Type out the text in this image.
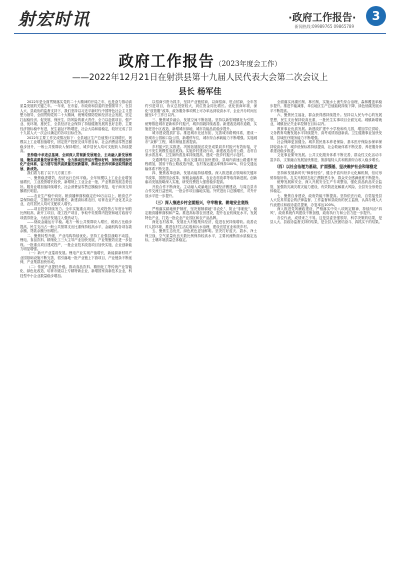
射宏时讯	·政府工作报告·	3
新闻热线:09989765 09865789
政府工作报告（2023年度会工作）
——2022年12月21日在射洪县第十九届人民代表大会第二次会议上
县长 杨军佳

2022年是全面贯彻落实党的二十大精神的开局之年，也是奋力推动高质量发展的关键之年。一年来，在市委、市政府和县委的坚强领导下，在县人大、县政协的监督支持下，我们坚持以习近平新时代中国特色社会主义思想为指导，全面贯彻党的二十大精神，统筹疫情防控和经济社会发展，坚定扛起稳经济、促发展、保民生、防风险的重大责任，全力以赴抓项目、强产业、优环境、惠民生，全县经济社会保持了持续健康发展的良好态势，主要经济指标稳中有进，民生福祉不断增进，社会大局和谐稳定，较好完成了县十九届人大一次会议确定的各项目标任务。

2022年主要工作完成情况如下：全县地区生产总值预计实现增长，规模以上工业增加值增长，固定资产投资完成年度目标，社会消费品零售总额稳步回升，一般公共预算收入保持增长，城乡居民人均可支配收入持续提高。

坚持稳中求进总基调，全面深入贯彻新发展理念，主动融入新发展格局，聚焦高质量发展首要任务，全力推动经济运行整体好转，加快建设现代化产业体系，奋力谱写射洪高质量发展新篇章，推动全县各项事业取得新进展、新成效。

我们着力抓了以下几方面工作：

一、聚焦稳进增效，经济运行总体平稳。全年规模以上工业企业增加值增长，工业投资增长较快，新增规上工业企业一批，产业集群发展态势良好。服务业增加值持续增长，社会消费品零售总额稳步恢复，电子商务交易额增长明显。

——农业生产稳中向好。粮食播种面积稳定在90万亩以上，粮食总产量保持稳定，生猪出栏持续增长，新建高标准农田，培育农业产业化龙头企业，农村居民人均可支配收入增长。

——项目投资持续发力。全年实施重点项目，完成投资占年度计划的比例较高，新开工项目，竣工投产项目，争取中央预算内投资和地方政府专项债券资金，为经济发展注入强劲动力。

——财政金融运行平稳。地方一般公共预算收入增长，税收占比稳步提高，民生支出占一般公共预算支出比重保持较高水平，金融机构各项存款余额、贷款余额分别增长。

二、聚焦转型升级，产业结构持续优化。坚持工业强县战略不动摇，锂电、食品饮料、精细化工三大主导产业加快发展，产业集聚效应进一步显现。一批重点项目建成投产，一批企业技术改造项目加快实施，企业创新能力明显增强。

（一）新兴产业蓬勃发展。锂电产业实现产值增长，新能源新材料产业园基础设施不断完善，招引落地一批产业链上下游项目，产业链条不断延伸，产业集群加快形成。

（二）传统产业提档升级。推动食品饮料、精细化工等传统产业智能化、绿色化改造，培育市级以上专精特新企业，新增国家高新技术企业，科技型中小企业数量稳步增加。

以招商引资为抓手，坚持产业链招商、以商招商、驻点招商，全年签约引进项目，协议总投资较大，到位资金同比增长。优化营商环境，深化“放管服”改革，政务服务事项网上可办率达到较高水平，企业开办时间压缩至1个工作日以内。

三、聚焦城乡融合，发展空间不断拓展。坚持以新型城镇化为引领，统筹推进城市更新和乡村振兴，城乡面貌持续改善。新建改造城市道路，实施老旧小区改造，新增城市绿地，城市功能品质稳步提升。

城市建设提质扩容。推进城市北延东拓，完善城市路网体系，建成一批城市公园和口袋公园，新增停车位，城市综合承载能力不断增强。实施城市“双修”工程，城市颜值显著提高。

乡村振兴扎实推进。巩固拓展脱贫攻坚成果同乡村振兴有效衔接，守住不发生规模性返贫底线。实施乡村建设行动，新建改造农村公路，农村自来水普及率、卫生厕所普及率持续提高，建成一批乡村振兴示范村。

交通网络日益完善。重点交通项目加快建设，县域内高速公路通车里程增加，国省干线公路改造升级，农村客运通达率保持100%，综合交通运输体系不断完善。

四、聚焦改革创新，发展动能持续增强。深入推进重点领域和关键环节改革，国资国企改革、财税金融改革、农业农村改革等取得新进展。创新驱动发展战略深入实施，研发经费投入强度稳步提高。

开放合作不断深化。主动融入成渝地区双城经济圈建设，与周边县市合作交流日益密切，一批合作项目落地实施。外贸进出口总额增长，对外开放水平进一步提升。

（三）深入推进乡村全面振兴，守牢粮食、耕地安全底线

严格落实耕地保护制度，坚决遏制耕地“非农化”、防止“非粮化”，稳定粮食播种面积和产量。推进高标准农田建设，提升农业机械化水平。发展特色产业，打造一批农业产业园区和农产品品牌。

深化农村改革，发展壮大村级集体经济，促进农民持续增收。改善农村人居环境，推进农村生活垃圾和污水治理，建设宜居宜业和美乡村。

五、聚焦生态优先，绿色底色更加鲜明。坚决打好蓝天、碧水、净土保卫战，空气质量优良天数比例保持较高水平，主要河流断面水质稳定达标，土壤环境质量总体稳定。

全面落实河湖长制、林长制，实施水土流失综合治理，森林覆盖率稳步提升。推进节能减排，单位地区生产总值能耗持续下降，绿色低碳发展水平不断提高。

六、聚焦民生福祉，群众获得感持续提升。坚持以人民为中心的发展思想，民生支出保持较高比重，一批民生实事项目全面完成。城镇新增就业，城镇登记失业率控制在目标以内。

教育事业优质发展。新建改扩建中小学校和幼儿园，增加学位供给，义务教育均衡发展水平持续提升，高考成绩再创新高。卫生健康事业加快发展，县域医疗服务能力不断增强。

社会保障更加健全。城乡居民基本养老保险、基本医疗保险参保率保持较高水平，城乡低保标准持续提高，社会救助体系不断完善，养老服务体系建设稳步推进。

文化事业繁荣发展。公共文化服务体系不断完善，群众性文化活动丰富多彩，文旅融合发展加快推进，旅游接待人次和旅游综合收入稳步增长。

（四）以社会治理为基础，扩面强基，坚决维护社会和谐稳定

坚持和发展新时代“枫桥经验”，健全矛盾纠纷多元化解机制，信访形势持续好转。扎实开展常态化扫黑除恶斗争，群众安全感满意度不断提升。

统筹发展和安全，深入开展安全生产专项整治，强化食品药品安全监管，加强防灾减灾救灾能力建设，有效防范化解重大风险，全县安全形势总体稳定。

七、聚焦自身建设，政府效能不断提高。坚持依法行政，自觉接受县人大及其常委会的法律监督、工作监督和县政协的民主监督，认真办理人大代表建议和政协委员提案，办复率达100%。

深入推进党风廉政建设，严格落实中央八项规定精神，持续纠治“四风”，政府系统作风建设不断加强，政府执行力和公信力进一步提升。

各位代表，成绩来之不易。这是县委坚强领导、科学决策的结果，是县人大、县政协监督支持的结果，是全县人民团结奋斗、真抓实干的结果。
